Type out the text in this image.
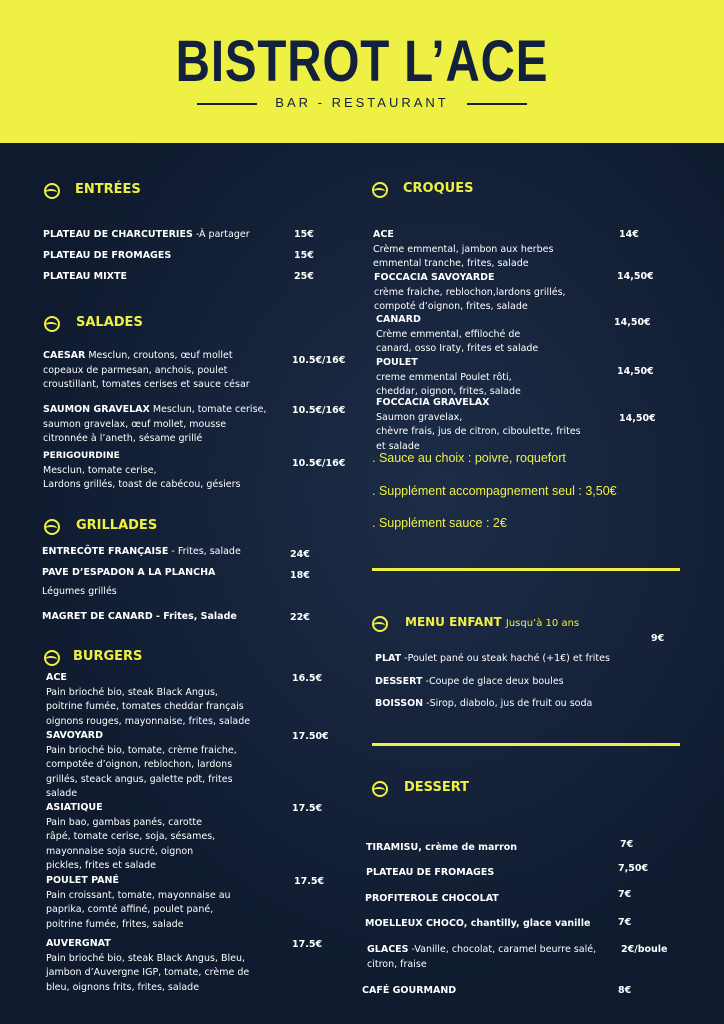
BISTROT L’ACE
BAR - RESTAURANT
ENTRÉES
PLATEAU DE CHARCUTERIES -À partager	15€
PLATEAU DE FROMAGES	15€
PLATEAU MIXTE	25€
SALADES
CAESAR Mesclun, croutons, œuf mollet
copeaux de parmesan, anchois, poulet
croustillant, tomates cerises et sauce césar
10.5€/16€
SAUMON GRAVELAX Mesclun, tomate cerise,
saumon gravelax, œuf mollet, mousse
citronnée à l’aneth, sésame grillé
10.5€/16€
PERIGOURDINE
Mesclun, tomate cerise,
Lardons grillés, toast de cabécou, gésiers
10.5€/16€
GRILLADES
ENTRECÔTE FRANÇAISE - Frites, salade	24€
PAVE D’ESPADON A LA PLANCHA
Légumes grillés
18€
MAGRET DE CANARD - Frites, Salade	22€
BURGERS
ACE
Pain brioché bio, steak Black Angus,
poitrine fumée, tomates cheddar français
oignons rouges, mayonnaise, frites, salade
16.5€
SAVOYARD
Pain brioché bio, tomate, crème fraiche,
compotée d’oignon, reblochon, lardons
grillés, steack angus, galette pdt, frites
salade
17.50€
ASIATIQUE
Pain bao, gambas panés, carotte
râpé, tomate cerise, soja, sésames,
mayonnaise soja sucré, oignon
pickles, frites et salade
17.5€
POULET PANÉ
Pain croissant, tomate, mayonnaise au
paprika, comté affiné, poulet pané,
poitrine fumée, frites, salade
17.5€
AUVERGNAT
Pain brioché bio, steak Black Angus, Bleu,
jambon d’Auvergne IGP, tomate, crème de
bleu, oignons frits, frites, salade
17.5€
CROQUES
ACE
Crème emmental, jambon aux herbes
emmental tranche, frites, salade
14€
FOCCACIA SAVOYARDE
crème fraiche, reblochon,lardons grillés,
compoté d’oignon, frites, salade
14,50€
CANARD
Crème emmental, effiloché de
canard, osso Iraty, frites et salade
14,50€
POULET
creme emmental Poulet rôti,
cheddar, oignon, frites, salade
14,50€
FOCCACIA GRAVELAX
Saumon gravelax,
chèvre frais, jus de citron, ciboulette, frites
et salade
14,50€
. Sauce au choix : poivre, roquefort
. Supplément accompagnement seul : 3,50€
. Supplément sauce : 2€
MENU ENFANT Jusqu’à 10 ans
9€
PLAT -Poulet pané ou steak haché (+1€) et frites
DESSERT -Coupe de glace deux boules
BOISSON -Sirop, diabolo, jus de fruit ou soda
DESSERT
TIRAMISU, crème de marron	7€
PLATEAU DE FROMAGES	7,50€
PROFITEROLE CHOCOLAT	7€
MOELLEUX CHOCO, chantilly, glace vanille	7€
GLACES -Vanille, chocolat, caramel beurre salé,
citron, fraise
2€/boule
CAFÉ GOURMAND	8€
